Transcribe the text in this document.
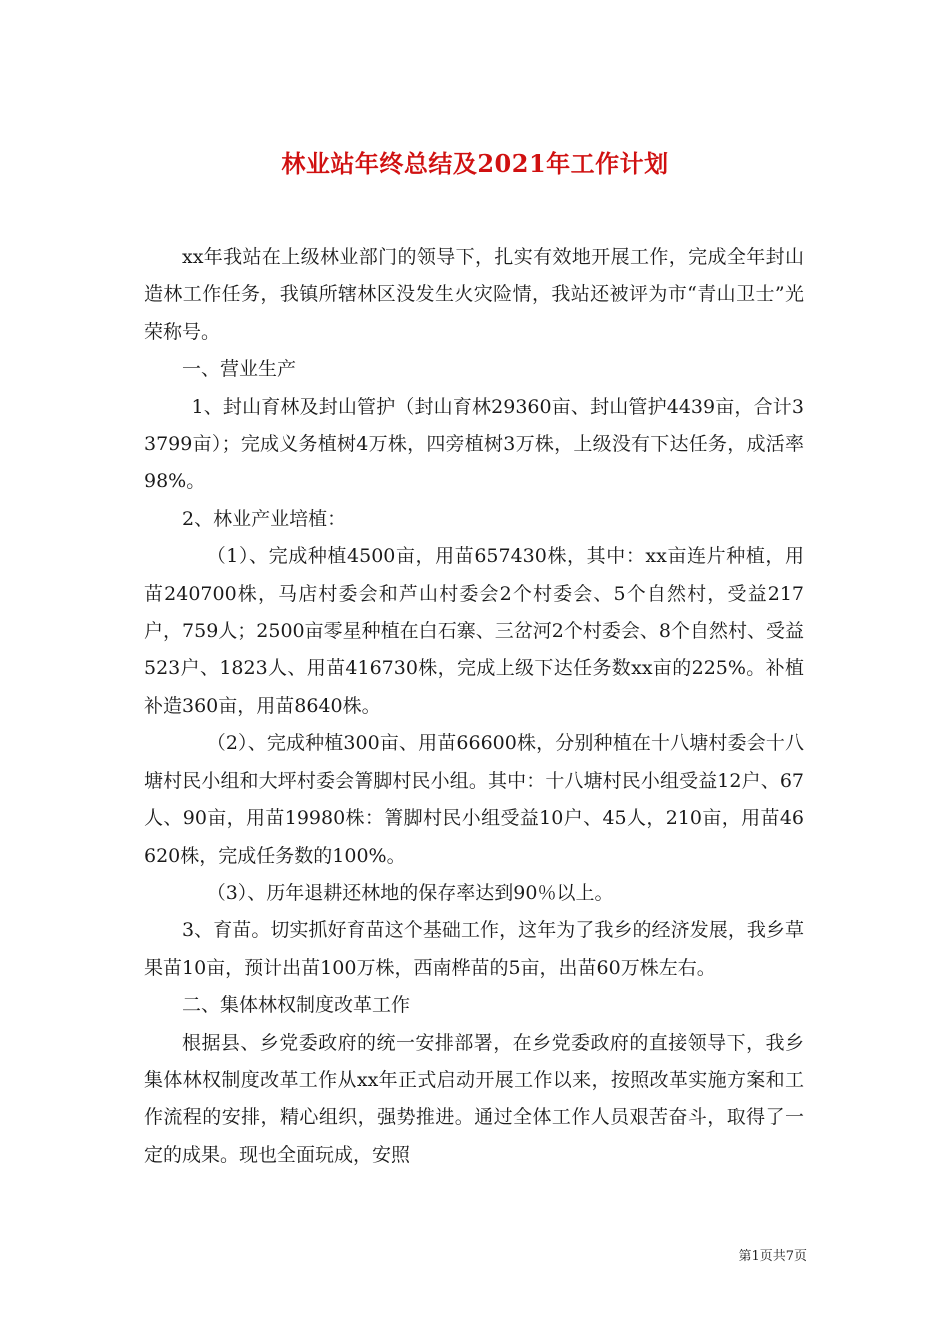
林业站年终总结及2021年工作计划

xx年我站在上级林业部门的领导下，扎实有效地开展工作，完成全年封山造林工作任务，我镇所辖林区没发生火灾险情，我站还被评为市“青山卫士”光荣称号。

一、营业生产

1、封山育林及封山管护（封山育林29360亩、封山管护4439亩，合计33799亩）；完成义务植树4万株，四旁植树3万株，上级没有下达任务，成活率98%。

2、林业产业培植：

（1）、完成种植4500亩，用苗657430株，其中：xx亩连片种植，用苗240700株，马店村委会和芦山村委会2个村委会、5个自然村，受益217户，759人；2500亩零星种植在白石寨、三岔河2个村委会、8个自然村、受益523户、1823人、用苗416730株，完成上级下达任务数xx亩的225%。补植补造360亩，用苗8640株。

（2）、完成种植300亩、用苗66600株，分别种植在十八塘村委会十八塘村民小组和大坪村委会箐脚村民小组。其中：十八塘村民小组受益12户、67人、90亩，用苗19980株：箐脚村民小组受益10户、45人，210亩，用苗46620株，完成任务数的100%。

（3）、历年退耕还林地的保存率达到90％以上。

3、育苗。切实抓好育苗这个基础工作，这年为了我乡的经济发展，我乡草果苗10亩，预计出苗100万株，西南桦苗的5亩，出苗60万株左右。

二、集体林权制度改革工作

根据县、乡党委政府的统一安排部署，在乡党委政府的直接领导下，我乡集体林权制度改革工作从xx年正式启动开展工作以来，按照改革实施方案和工作流程的安排，精心组织，强势推进。通过全体工作人员艰苦奋斗，取得了一定的成果。现也全面玩成，安照

第1页共7页
